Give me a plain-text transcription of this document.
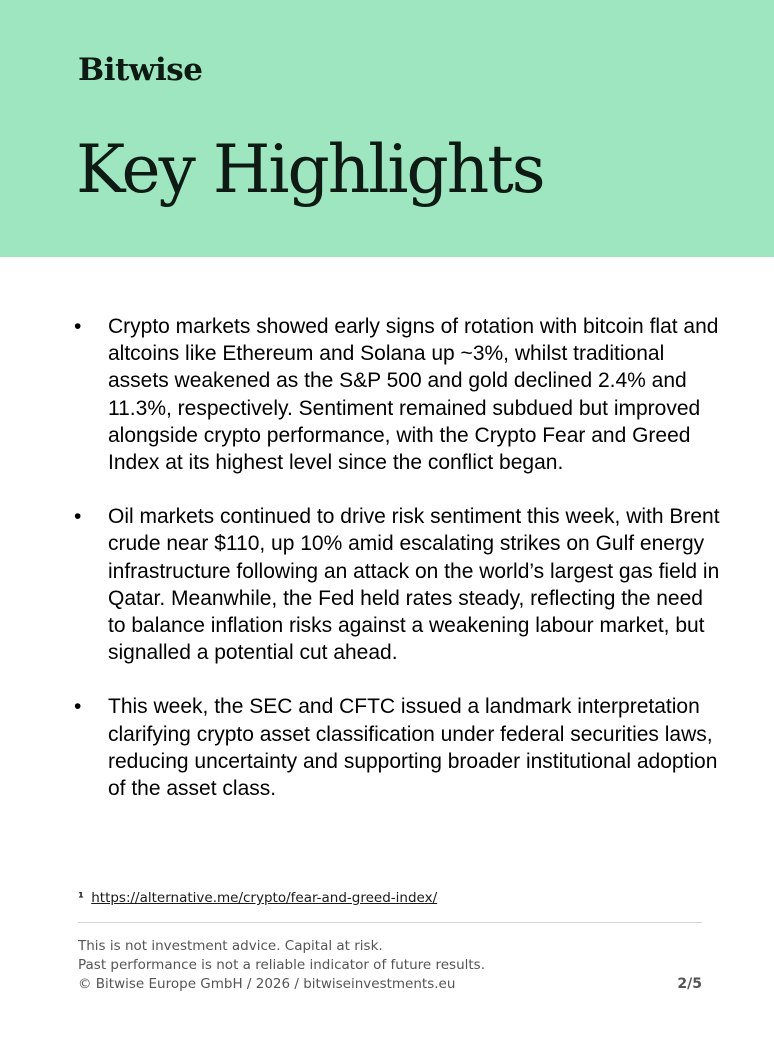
Bitwise
Key Highlights
• Crypto markets showed early signs of rotation with bitcoin flat and altcoins like Ethereum and Solana up ~3%, whilst traditional assets weakened as the S&P 500 and gold declined 2.4% and 11.3%, respectively. Sentiment remained subdued but improved alongside crypto performance, with the Crypto Fear and Greed Index at its highest level since the conflict began.
• Oil markets continued to drive risk sentiment this week, with Brent crude near $110, up 10% amid escalating strikes on Gulf energy infrastructure following an attack on the world’s largest gas field in Qatar. Meanwhile, the Fed held rates steady, reflecting the need to balance inflation risks against a weakening labour market, but signalled a potential cut ahead.
• This week, the SEC and CFTC issued a landmark interpretation clarifying crypto asset classification under federal securities laws, reducing uncertainty and supporting broader institutional adoption of the asset class.
¹ https://alternative.me/crypto/fear-and-greed-index/
This is not investment advice. Capital at risk.
Past performance is not a reliable indicator of future results.
© Bitwise Europe GmbH / 2026 / bitwiseinvestments.eu	2/5
